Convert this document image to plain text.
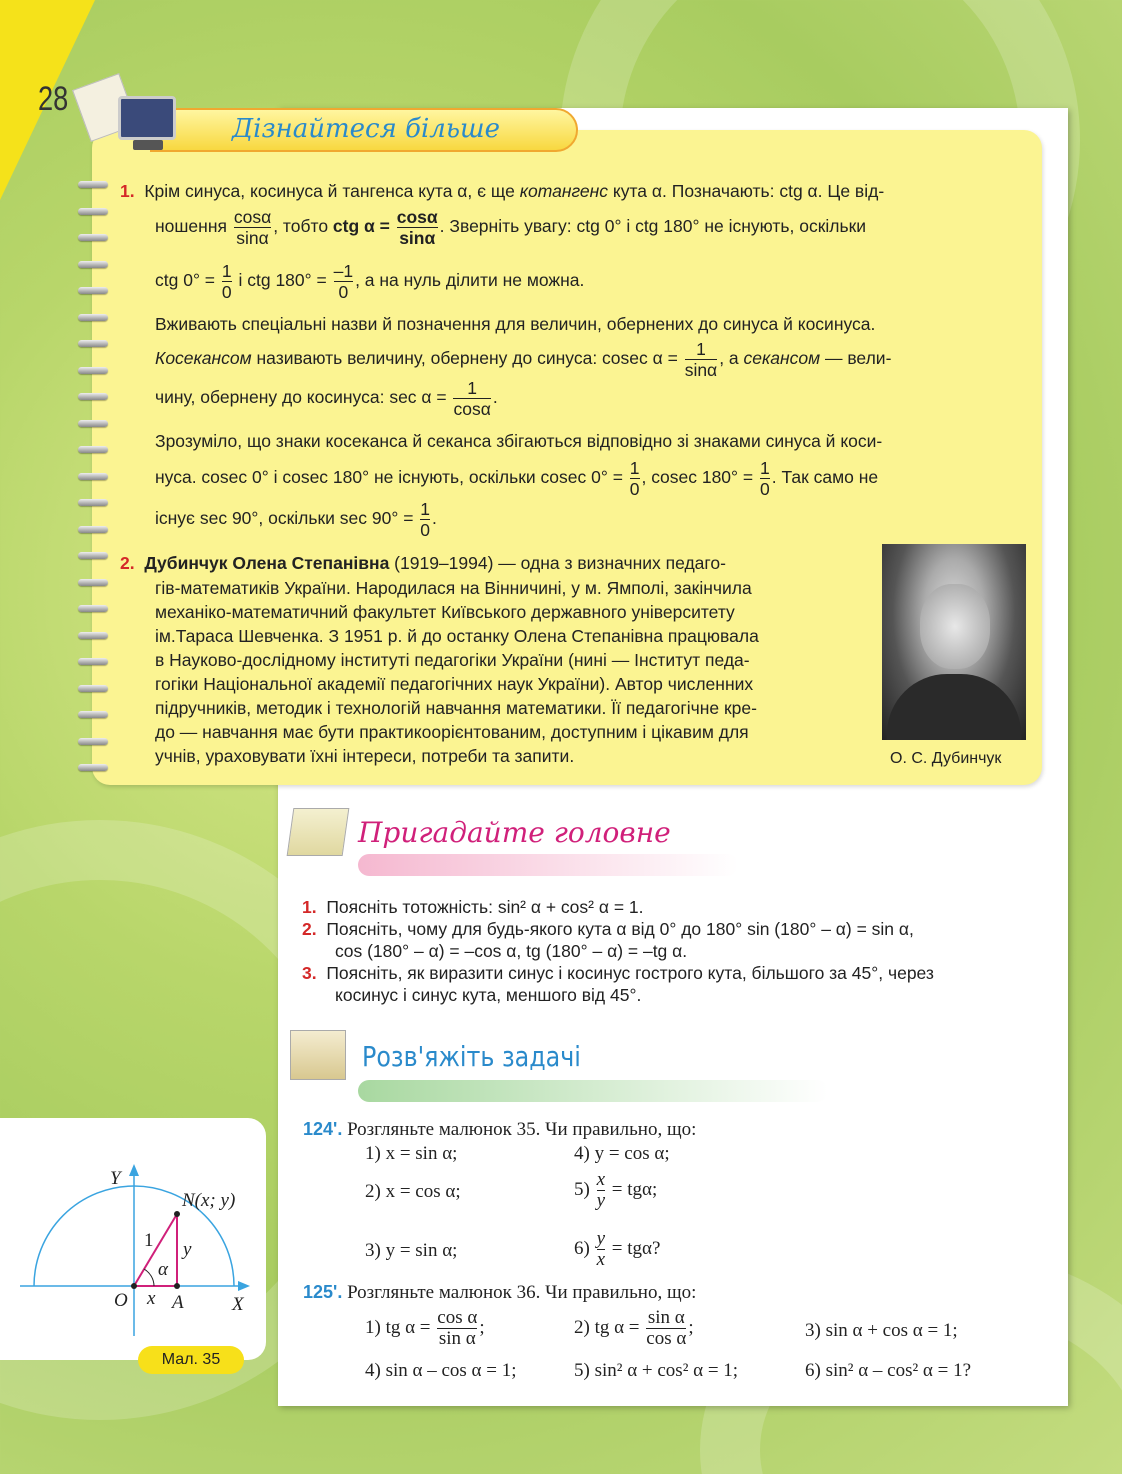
28
Дізнайтеся більше
1. Крім синуса, косинуса й тангенса кута α, є ще котангенс кута α. Позначають: ctg α. Це від-
ношення $\frac{\cos\alpha}{\sin\alpha}$ , тобто ctg $\alpha = \frac{\cos\alpha}{\sin\alpha}$ . Зверніть увагу: ctg 0° і ctg 180° не існують, оскільки
ctg $0^\circ = \frac{1}{0}$ і ctg $180^\circ = \frac{-1}{0}$ , а на нуль ділити не можна.
Вживають спеціальні назви й позначення для величин, обернених до синуса й косинуса.
Косекансом називають величину, обернену до синуса: cosec $\alpha = \frac{1}{\sin\alpha}$ , а секансом — вели-
чину, обернену до косинуса: $\sec \alpha = \frac{1}{\cos\alpha}$ .
Зрозуміло, що знаки косеканса й секанса збігаються відповідно зі знаками синуса й коси-
нуса. cosec 0° і cosec 180° не існують, оскільки cosec $0^\circ = \frac{1}{0}$ , cosec $180^\circ = \frac{1}{0}$ . Так само не
існує sec 90°, оскільки $\sec 90^\circ = \frac{1}{0}$ .
2. Дубинчук Олена Степанівна (1919–1994) — одна з визначних педаго-
гів-математиків України. Народилася на Вінничині, у м. Ямполі, закінчила
механіко-математичний факультет Київського державного університету
ім.Тараса Шевченка. З 1951 р. й до останку Олена Степанівна працювала
в Науково-дослідному інституті педагогіки України (нині — Інститут педа-
гогіки Національної академії педагогічних наук України). Автор численних
підручників, методик і технологій навчання математики. Її педагогічне кре-
до — навчання має бути практикоорієнтованим, доступним і цікавим для
учнів, ураховувати їхні інтереси, потреби та запити.	О. С. Дубинчук
Пригадайте головне
1. Поясніть тотожність: sin² α + cos² α = 1.
2. Поясніть, чому для будь-якого кута α від 0° до 180° sin (180° – α) = sin α,
cos (180° – α) = –cos α, tg (180° – α) = –tg α.
3. Поясніть, як виразити синус і косинус гострого кута, більшого за 45°, через
косинус і синус кута, меншого від 45°.
Розв'яжіть задачі
124'. Розгляньте малюнок 35. Чи правильно, що:
1) x = sin α;	4) y = cos α;
2) x = cos α;	$5) \frac{x}{y} = tg\alpha$;
3) y = sin α;	$6) \frac{y}{x} = tg\alpha$?
125'. Розгляньте малюнок 36. Чи правильно, що:
1) tg $\alpha = \frac{\text{cos α}}{\text{sin α}}$ ;	2) tg $\alpha = \frac{\text{sin α}}{\text{cos α}}$ ;	3) sin α + cos α = 1;
4) sin α – cos α = 1;	5) sin² α + cos² α = 1;	6) sin² α – cos² α = 1?
Y
X
O A
x
y
1
α
N(x; y)
Мал. 35
